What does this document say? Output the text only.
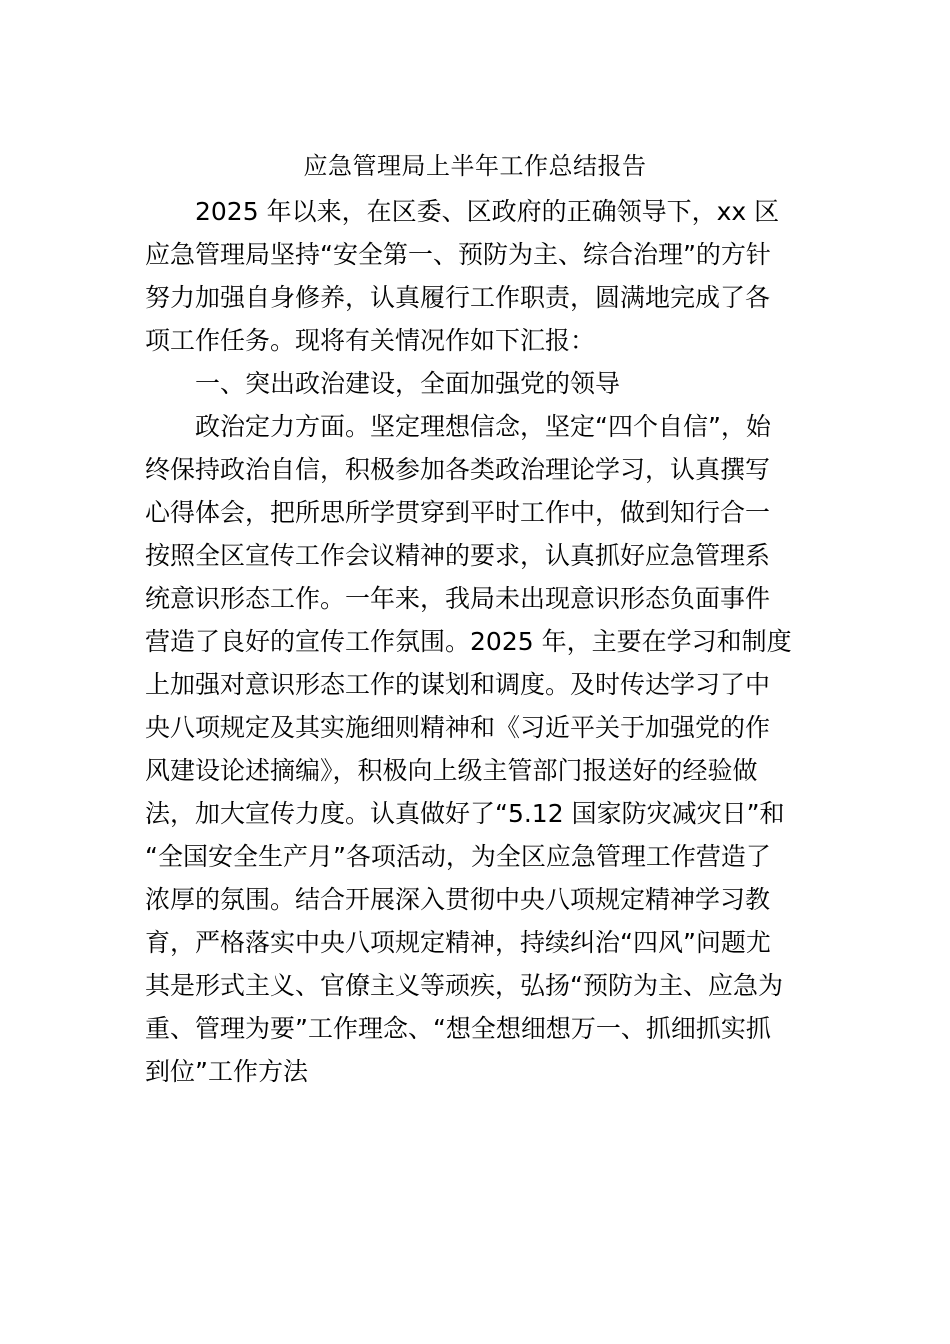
应急管理局上半年工作总结报告
2025 年以来，在区委、区政府的正确领导下，xx 区
应急管理局坚持“安全第一、预防为主、综合治理”的方针
努力加强自身修养，认真履行工作职责，圆满地完成了各
项工作任务。现将有关情况作如下汇报：
一、突出政治建设，全面加强党的领导
政治定力方面。坚定理想信念，坚定“四个自信”，始
终保持政治自信，积极参加各类政治理论学习，认真撰写
心得体会，把所思所学贯穿到平时工作中，做到知行合一
按照全区宣传工作会议精神的要求，认真抓好应急管理系
统意识形态工作。一年来，我局未出现意识形态负面事件
营造了良好的宣传工作氛围。2025 年，主要在学习和制度
上加强对意识形态工作的谋划和调度。及时传达学习了中
央八项规定及其实施细则精神和《习近平关于加强党的作
风建设论述摘编》，积极向上级主管部门报送好的经验做
法，加大宣传力度。认真做好了“5.12 国家防灾减灾日”和
“全国安全生产月”各项活动，为全区应急管理工作营造了
浓厚的氛围。结合开展深入贯彻中央八项规定精神学习教
育，严格落实中央八项规定精神，持续纠治“四风”问题尤
其是形式主义、官僚主义等顽疾，弘扬“预防为主、应急为
重、管理为要”工作理念、“想全想细想万一、抓细抓实抓
到位”工作方法
